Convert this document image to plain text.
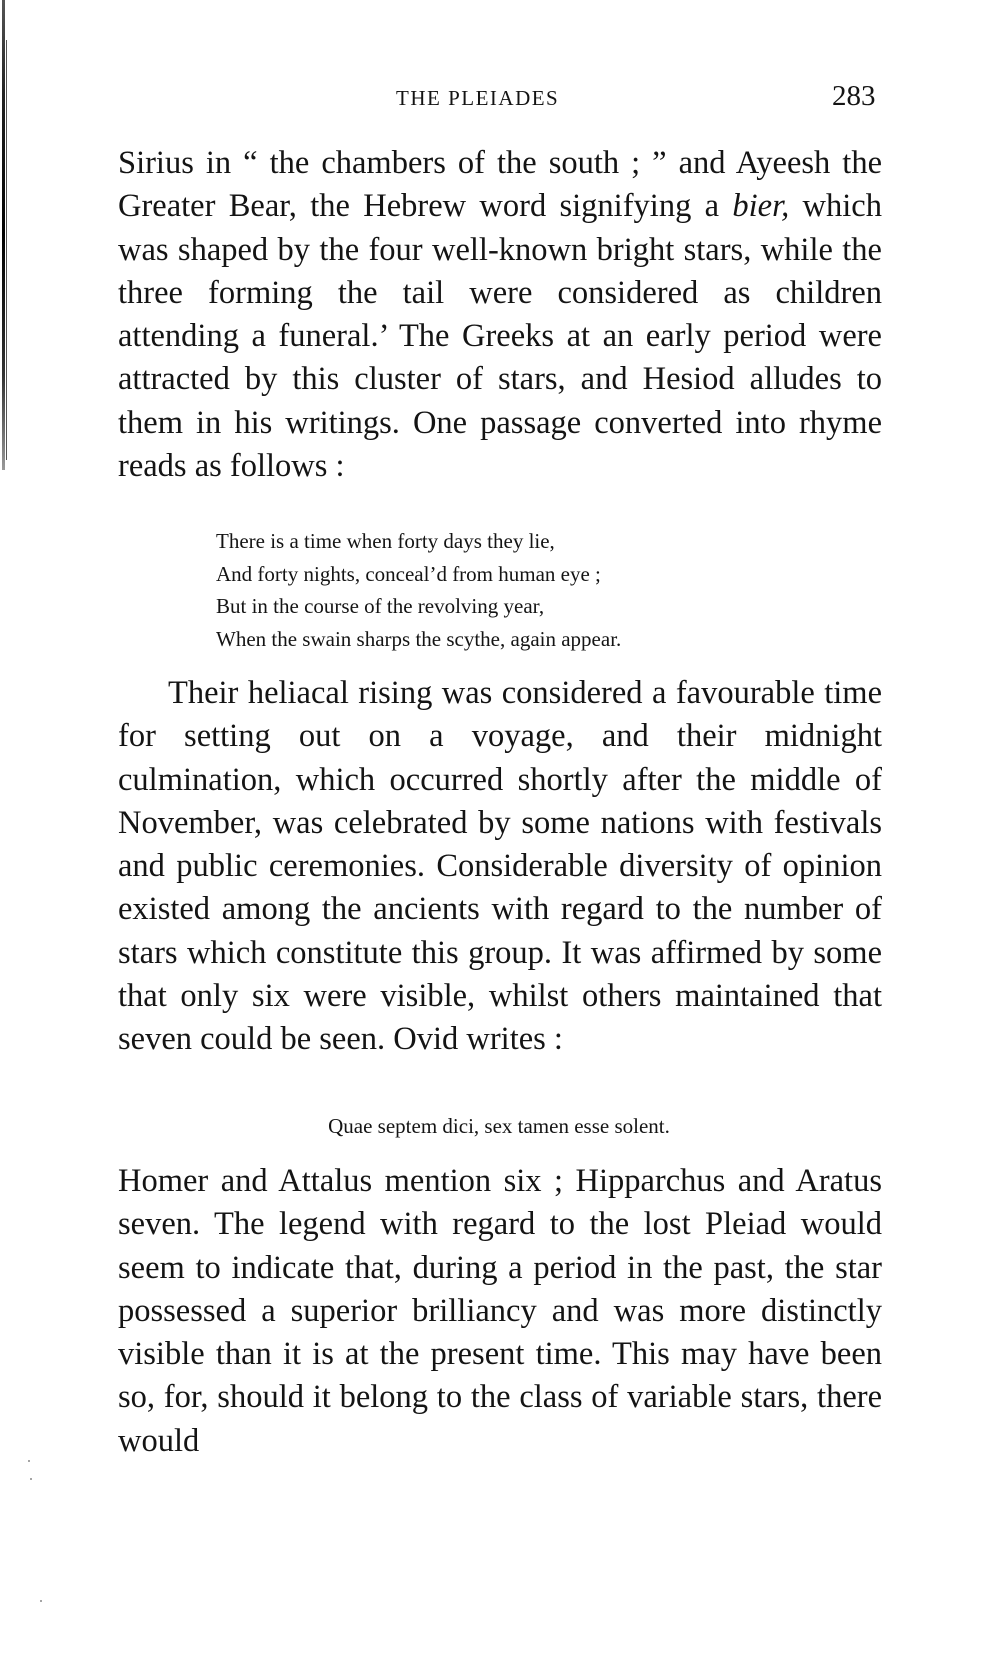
THE PLEIADES	283

Sirius in “ the chambers of the south ; ” and Ayeesh the Greater Bear, the Hebrew word signifying a bier, which was shaped by the four well-known bright stars, while the three forming the tail were considered as children attending a funeral.’ The Greeks at an early period were attracted by this cluster of stars, and Hesiod alludes to them in his writings. One passage converted into rhyme reads as follows :

There is a time when forty days they lie,
And forty nights, conceal’d from human eye ;
But in the course of the revolving year,
When the swain sharps the scythe, again appear.

Their heliacal rising was considered a favourable time for setting out on a voyage, and their midnight culmination, which occurred shortly after the middle of November, was celebrated by some nations with festivals and public ceremonies. Considerable diversity of opinion existed among the ancients with regard to the number of stars which constitute this group. It was affirmed by some that only six were visible, whilst others maintained that seven could be seen. Ovid writes :

Quae septem dici, sex tamen esse solent.

Homer and Attalus mention six ; Hipparchus and Aratus seven. The legend with regard to the lost Pleiad would seem to indicate that, during a period in the past, the star possessed a superior brilliancy and was more distinctly visible than it is at the present time. This may have been so, for, should it belong to the class of variable stars, there would
